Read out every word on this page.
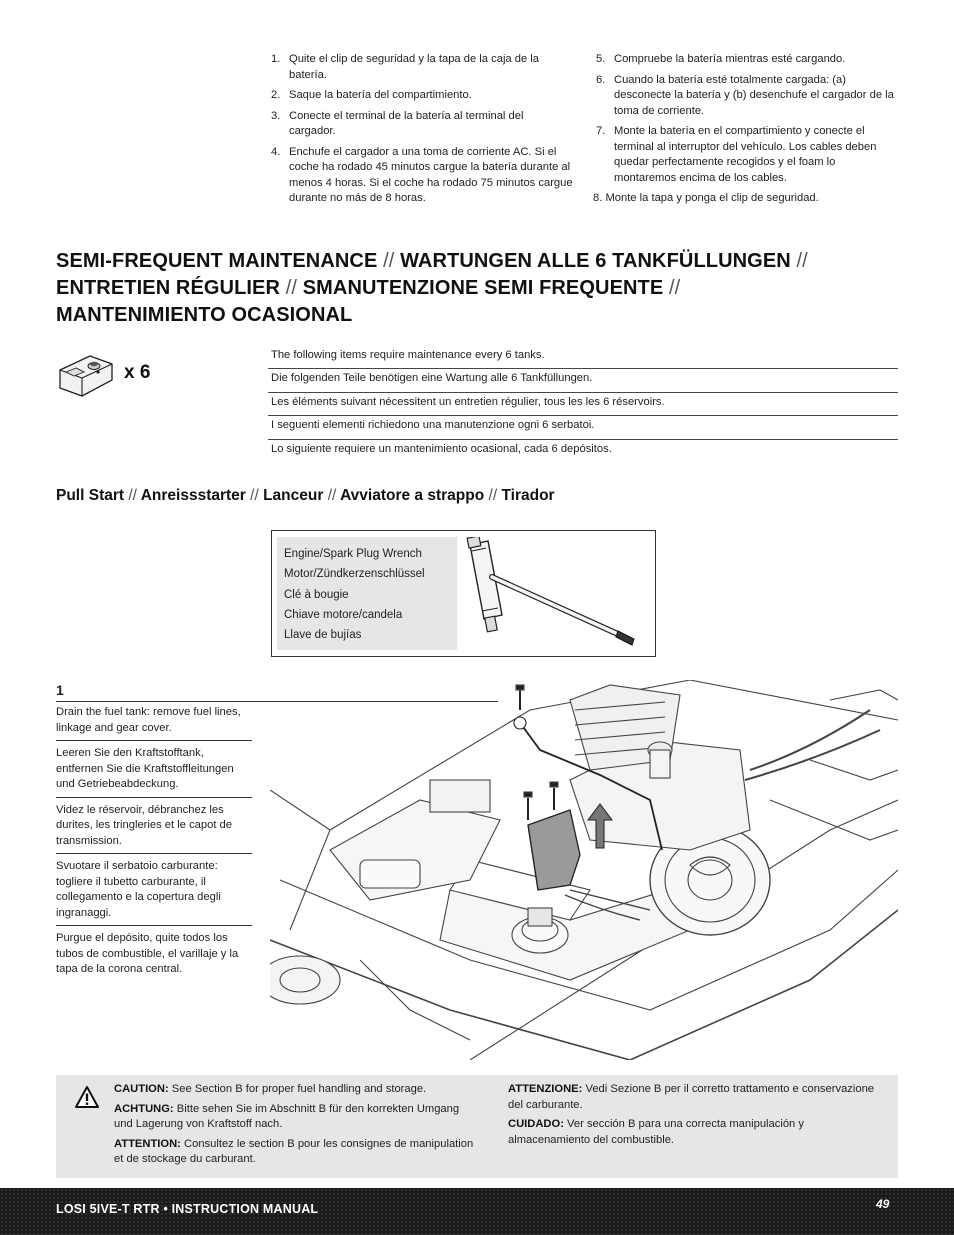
1. Quite el clip de seguridad y la tapa de la caja de la batería.
2. Saque la batería del compartimiento.
3. Conecte el terminal de la batería al terminal del cargador.
4. Enchufe el cargador a una toma de corriente AC. Si el coche ha rodado 45 minutos cargue la batería durante al menos 4 horas. Si el coche ha rodado 75 minutos cargue durante no más de 8 horas.
5. Compruebe la batería mientras esté cargando.
6. Cuando la batería esté totalmente cargada: (a) desconecte la batería y (b) desenchufe el cargador de la toma de corriente.
7. Monte la batería en el compartimiento y conecte el terminal al interruptor del vehículo. Los cables deben quedar perfectamente recogidos y el foam lo montaremos encima de los cables.
8. Monte la tapa y ponga el clip de seguridad.
SEMI-FREQUENT MAINTENANCE // WARTUNGEN ALLE 6 TANKFÜLLUNGEN //
ENTRETIEN RÉGULIER // SMANUTENZIONE SEMI FREQUENTE //
MANTENIMIENTO OCASIONAL
x 6
The following items require maintenance every 6 tanks.
Die folgenden Teile benötigen eine Wartung alle 6 Tankfüllungen.
Les éléments suivant nécessitent un entretien régulier, tous les les 6 réservoirs.
I seguenti elementi richiedono una manutenzione ogni 6 serbatoi.
Lo siguiente requiere un mantenimiento ocasional, cada 6 depósitos.
Pull Start // Anreissstarter // Lanceur // Avviatore a strappo // Tirador
Engine/Spark Plug Wrench
Motor/Zündkerzenschlüssel
Clé à bougie
Chiave motore/candela
Llave de bujías
1
Drain the fuel tank: remove fuel lines, linkage and gear cover.
Leeren Sie den Kraftstofftank, entfernen Sie die Kraftstoffleitungen und Getriebeabdeckung.
Videz le réservoir, débranchez les durites, les tringleries et le capot de transmission.
Svuotare il serbatoio carburante: togliere il tubetto carburante, il collegamento e la copertura degli ingranaggi.
Purgue el depósito, quite todos los tubos de combustible, el varillaje y la tapa de la corona central.

CAUTION: See Section B for proper fuel handling and storage.

ACHTUNG: Bitte sehen Sie im Abschnitt B für den korrekten Umgang und Lagerung von Kraftstoff nach.

ATTENTION: Consultez le section B pour les consignes de manipulation et de stockage du carburant.

ATTENZIONE: Vedi Sezione B per il corretto trattamento e conservazione del carburante.

CUIDADO: Ver sección B para una correcta manipulación y almacenamiento del combustible.

LOSI 5IVE-T RTR • INSTRUCTION MANUAL	49
